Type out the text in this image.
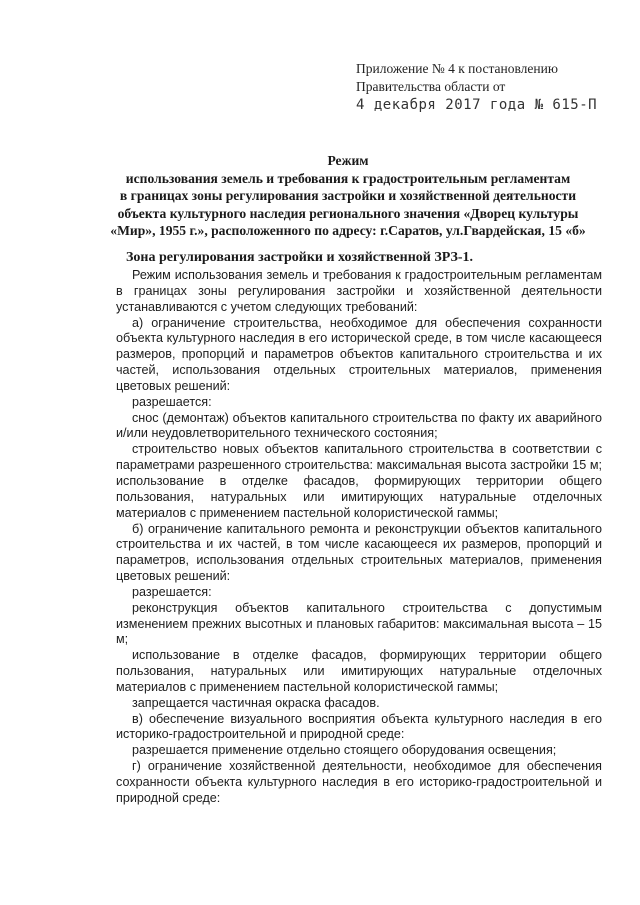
Приложение № 4 к постановлению
Правительства области от
4 декабря 2017 года № 615-П
Режим
использования земель и требования к градостроительным регламентам
в границах зоны регулирования застройки и хозяйственной деятельности
объекта культурного наследия регионального значения «Дворец культуры
«Мир», 1955 г.», расположенного по адресу: г.Саратов, ул.Гвардейская, 15 «б»
Зона регулирования застройки и хозяйственной ЗРЗ-1.

Режим использования земель и требования к градостроительным регламентам в границах зоны регулирования застройки и хозяйственной деятельности устанавливаются с учетом следующих требований:

а) ограничение строительства, необходимое для обеспечения сохранности объекта культурного наследия в его исторической среде, в том числе касающееся размеров, пропорций и параметров объектов капитального строительства и их частей, использования отдельных строительных материалов, применения цветовых решений:

разрешается:

снос (демонтаж) объектов капитального строительства по факту их аварийного и/или неудовлетворительного технического состояния;

строительство новых объектов капитального строительства в соответствии с параметрами разрешенного строительства: максимальная высота застройки 15 м; использование в отделке фасадов, формирующих территории общего пользования, натуральных или имитирующих натуральные отделочных материалов с применением пастельной колористической гаммы;

б) ограничение капитального ремонта и реконструкции объектов капитального строительства и их частей, в том числе касающееся их размеров, пропорций и параметров, использования отдельных строительных материалов, применения цветовых решений:

разрешается:

реконструкция объектов капитального строительства с допустимым изменением прежних высотных и плановых габаритов: максимальная высота – 15 м;

использование в отделке фасадов, формирующих территории общего пользования, натуральных или имитирующих натуральные отделочных материалов с применением пастельной колористической гаммы;

запрещается частичная окраска фасадов.

в) обеспечение визуального восприятия объекта культурного наследия в его историко-градостроительной и природной среде:

разрешается применение отдельно стоящего оборудования освещения;

г) ограничение хозяйственной деятельности, необходимое для обеспечения сохранности объекта культурного наследия в его историко-градостроительной и природной среде:
